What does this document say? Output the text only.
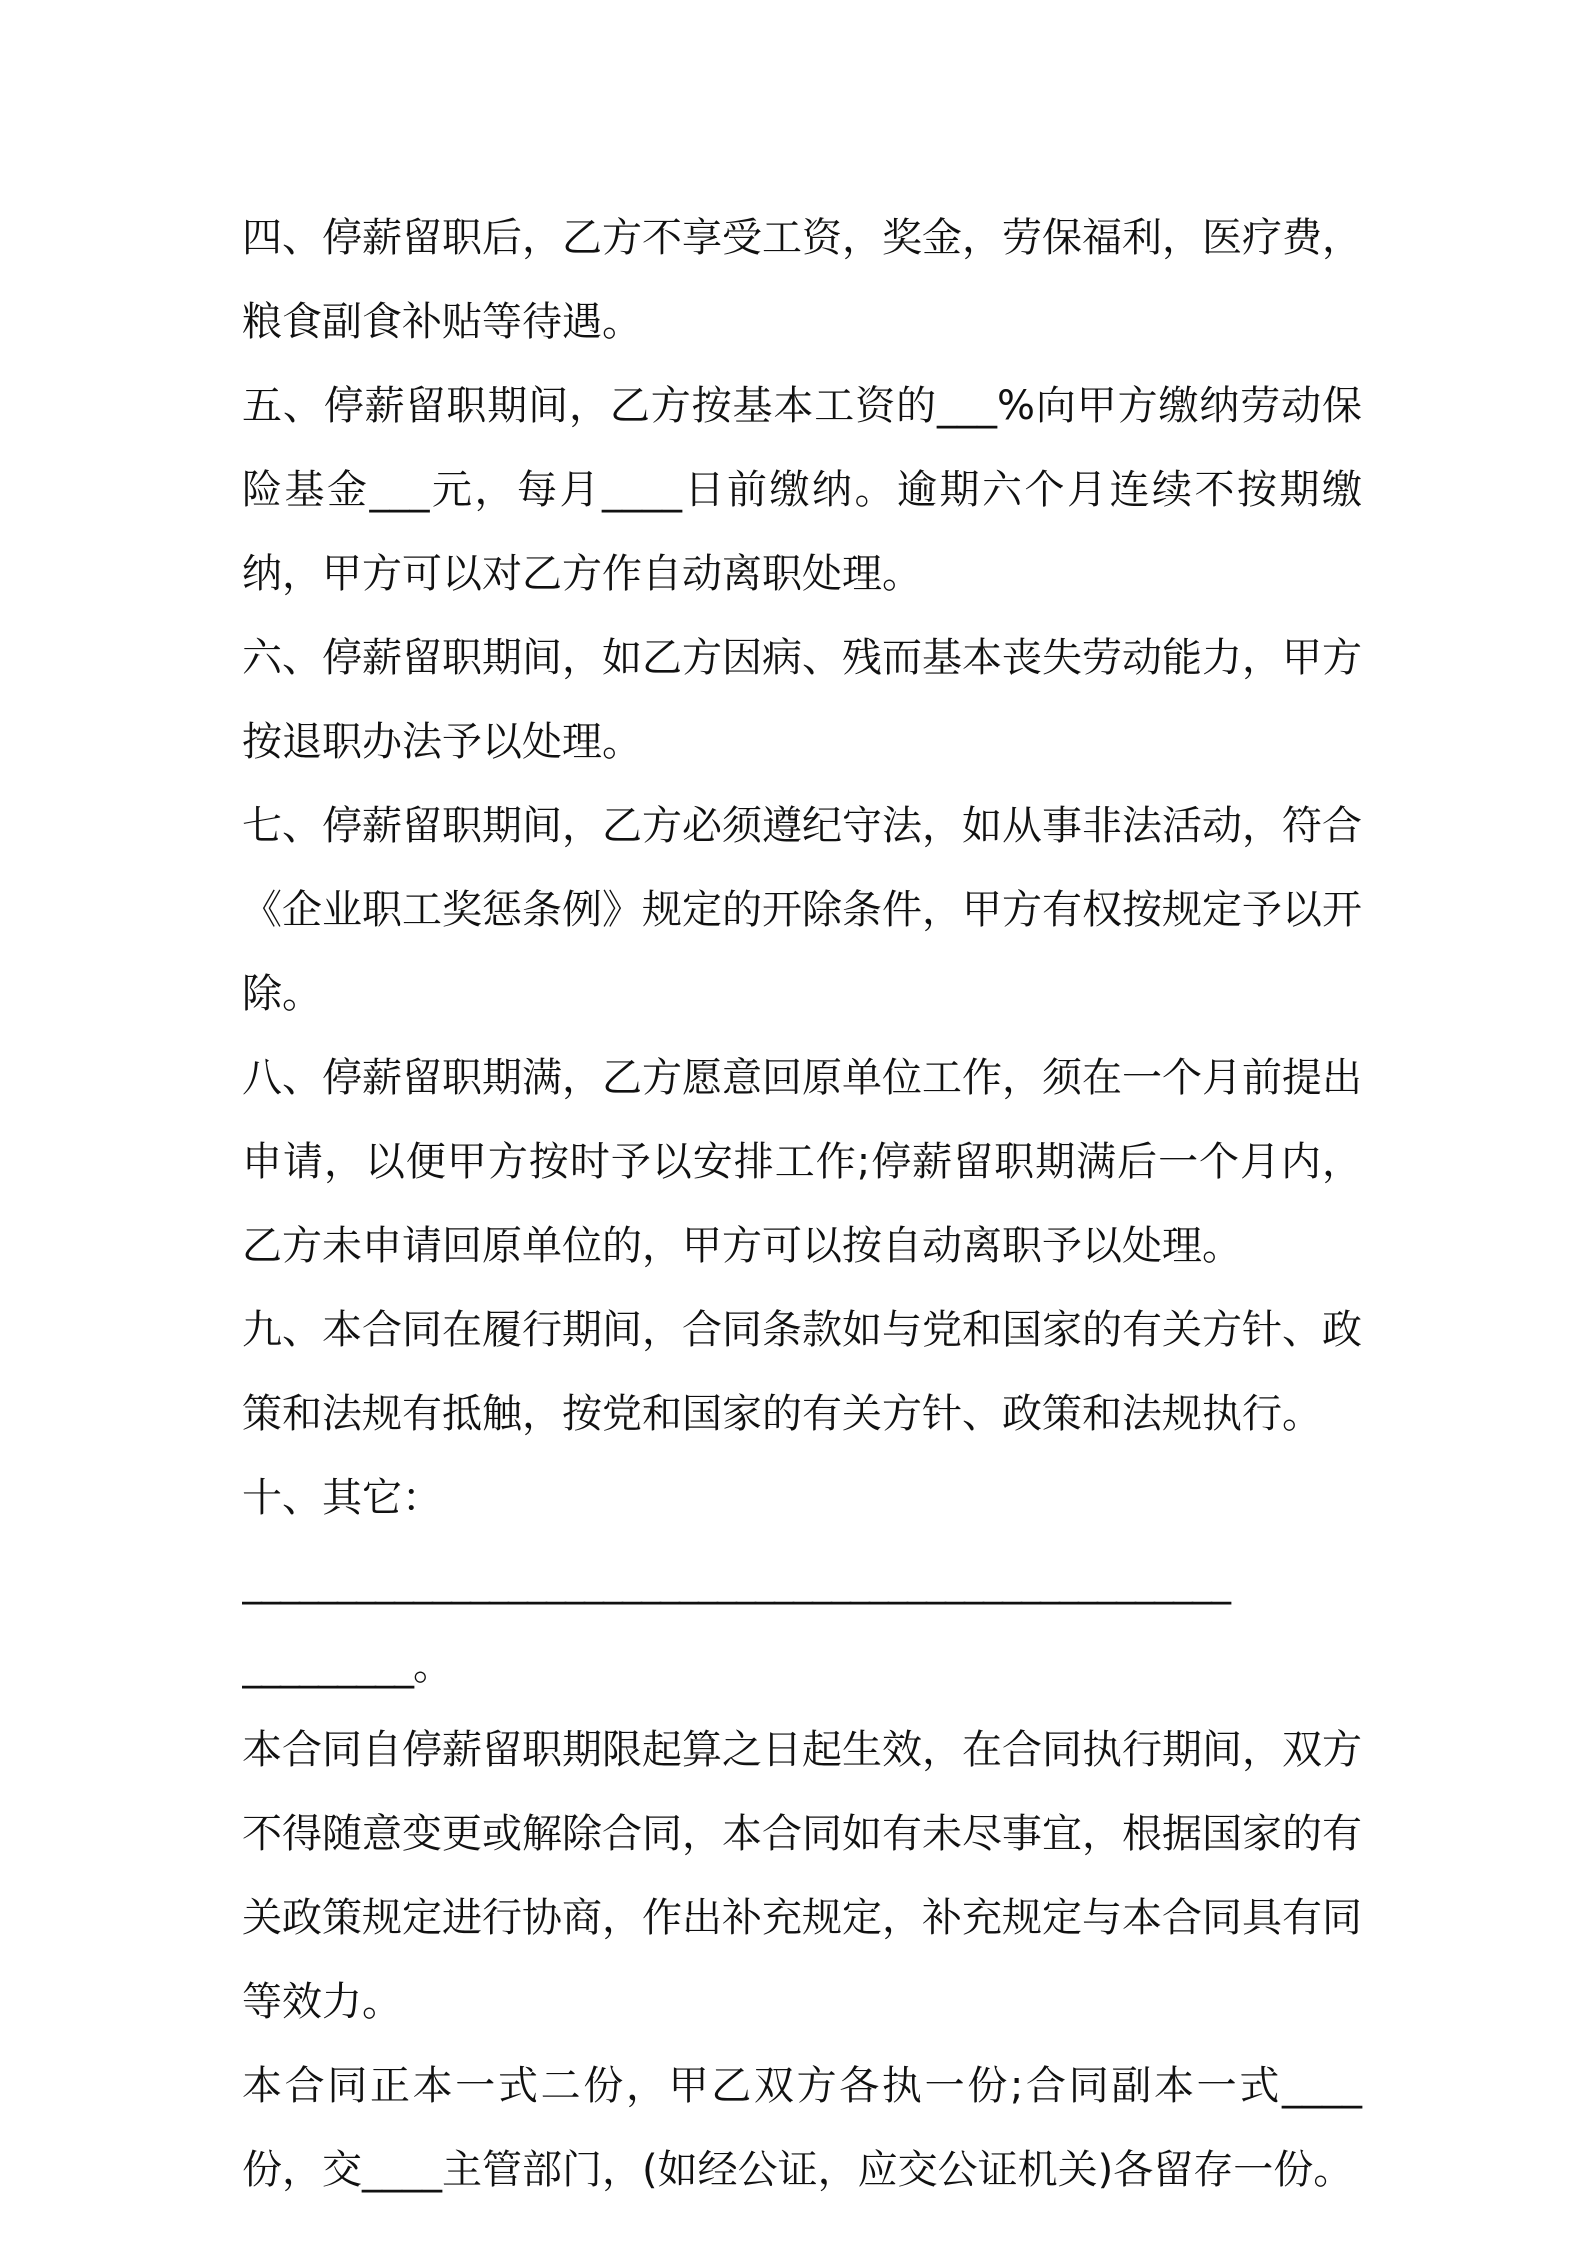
四、停薪留职后，乙方不享受工资，奖金，劳保福利，医疗费，粮食副食补贴等待遇。

五、停薪留职期间，乙方按基本工资的___%向甲方缴纳劳动保险基金___元，每月____日前缴纳。逾期六个月连续不按期缴纳，甲方可以对乙方作自动离职处理。

六、停薪留职期间，如乙方因病、残而基本丧失劳动能力，甲方按退职办法予以处理。

七、停薪留职期间，乙方必须遵纪守法，如从事非法活动，符合《企业职工奖惩条例》规定的开除条件，甲方有权按规定予以开除。

八、停薪留职期满，乙方愿意回原单位工作，须在一个月前提出申请，以便甲方按时予以安排工作;停薪留职期满后一个月内，乙方未申请回原单位的，甲方可以按自动离职予以处理。

九、本合同在履行期间，合同条款如与党和国家的有关方针、政策和法规有抵触，按党和国家的有关方针、政策和法规执行。

十、其它：

____________________________________________________

_________。

本合同自停薪留职期限起算之日起生效，在合同执行期间，双方不得随意变更或解除合同，本合同如有未尽事宜，根据国家的有关政策规定进行协商，作出补充规定，补充规定与本合同具有同等效力。

本合同正本一式二份，甲乙双方各执一份;合同副本一式____份，交____主管部门，(如经公证，应交公证机关)各留存一份。
